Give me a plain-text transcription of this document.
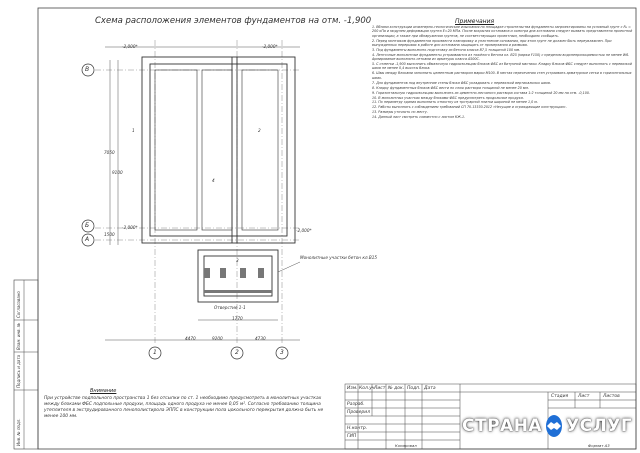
Схема расположения элементов фундаментов на отм. -1,900	Примечания

1. Вблизи конструкции инженерно-геологические изыскания по площадке строительства фундаменты запроектированы на условный грунт с R₀ = 200 кПа и модулем деформации грунта Е=20 МПа. После вскрытия котлована и осмотра дна котлована следует вызвать представителя проектной организации, а также при обнаружении грунтов, не соответствующих проектным, необходимо сообщить.

2. Перед монтажом фундаментов произвести планировку и уплотнение основания, при этом грунт не должен быть переувлажнен. При вынужденных перерывах в работе дно котлована защищать от промерзания и размыва.

3. Под фундаменты выполнить подготовку из бетона класса В7,5 толщиной 100 мм.

4. Ленточные монолитные фундаменты устраиваются из тяжёлого бетона кл. В25 (марки F150) с пределом водонепроницаемостью не менее W6. Армирование выполнить сетками из арматуры класса А500С.

5. С отметки -1,900 выполнить обмазочную гидроизоляцию блоков ФБС из битумной мастики. Кладку блоков ФБС следует выполнять с перевязкой швов не менее 0,4 высоты блока.

6. Швы между блоками заполнить цементным раствором марки М100. В местах пересечения стен устраивать арматурные сетки в горизонтальных швах.

7. Для фундаментов под внутренние стены блоки ФБС укладывать с перевязкой вертикальных швов.

8. Кладку фундаментных блоков ФБС вести по слою раствора толщиной не менее 20 мм.

9. Горизонтальную гидроизоляцию выполнить из цементно-песчаного раствора состава 1:2 толщиной 20 мм на отм. -0,100.

10. В монолитных участках между блоками ФБС предусмотреть продольные продухи.

11. По периметру здания выполнить отмостку из тротуарной плитки шириной не менее 1,0 м.

12. Работы выполнять с соблюдением требований СП 70.13330.2012 «Несущие и ограждающие конструкции».

13. Размеры уточнить по месту.

14. Данный лист смотреть совместно с листом КЖ-1.

Внимание
При устройстве подпольного пространства 1 без отсыпки по ст. 1 необходимо предусмотреть в монолитных участках между блоками ФБС подпольные продухи, площадь одного продуха не менее 0,05 м². Согласно требованию толщина утеплителя в экструдированного пенополистирола ЭППС в конструкции пола цокольного перекрытия должна быть не менее 100 мм.
В
Б
А
1	2	3
-2,000*	-2,000*
-2,000*
-2,000*
Монолитные участки бетон кл.В15
1
4
2
3
1770
9200
4470	4730
7050
9100
1500
Отверстие 1-1
Согласовано
Взам. инв. №
Подпись и дата
Инв. № подл.
Изм. Кол.уч Лист № док. Подп. Дата
Разраб.
Проверил
Н.контр.
ГИП
Стадия Лист	Листов
Формат А3
Копировал
СТРАНА УСЛУГ
